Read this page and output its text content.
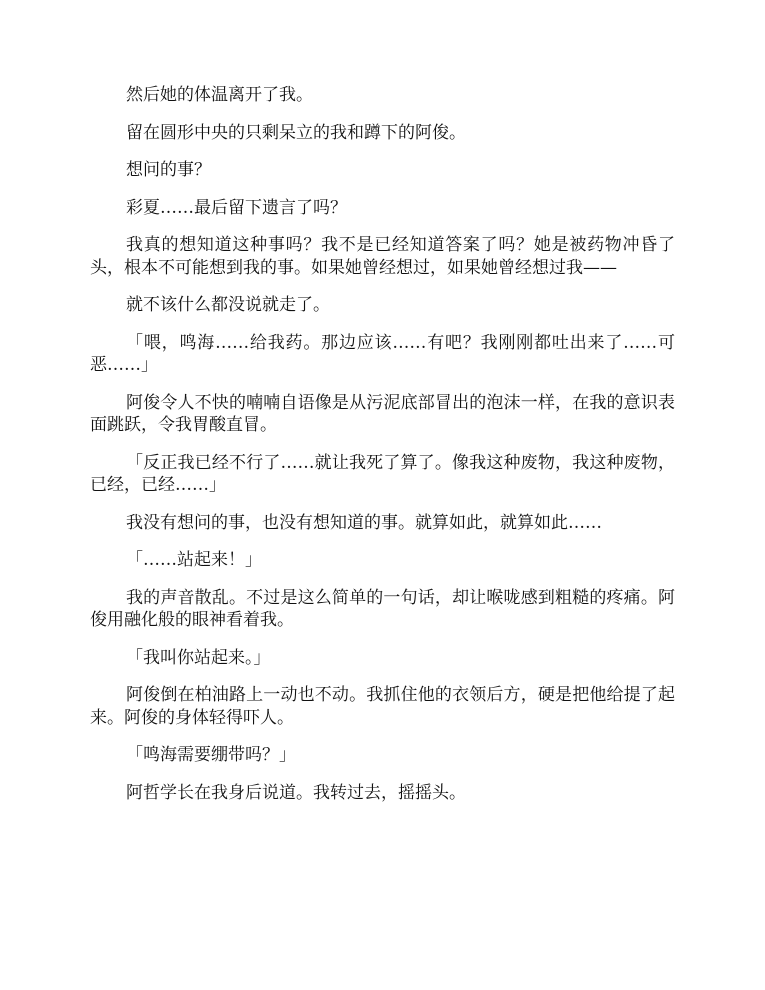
然后她的体温离开了我。

留在圆形中央的只剩呆立的我和蹲下的阿俊。

想问的事？

彩夏……最后留下遗言了吗？

我真的想知道这种事吗？我不是已经知道答案了吗？她是被药物冲昏了头，根本不可能想到我的事。如果她曾经想过，如果她曾经想过我——

就不该什么都没说就走了。

「喂，鸣海……给我药。那边应该……有吧？我刚刚都吐出来了……可恶……」

阿俊令人不快的喃喃自语像是从污泥底部冒出的泡沫一样，在我的意识表面跳跃，令我胃酸直冒。

「反正我已经不行了……就让我死了算了。像我这种废物，我这种废物，已经，已经……」

我没有想问的事，也没有想知道的事。就算如此，就算如此……

「……站起来！」

我的声音散乱。不过是这么简单的一句话，却让喉咙感到粗糙的疼痛。阿俊用融化般的眼神看着我。

「我叫你站起来。」

阿俊倒在柏油路上一动也不动。我抓住他的衣领后方，硬是把他给提了起来。阿俊的身体轻得吓人。

「鸣海需要绷带吗？」

阿哲学长在我身后说道。我转过去，摇摇头。
